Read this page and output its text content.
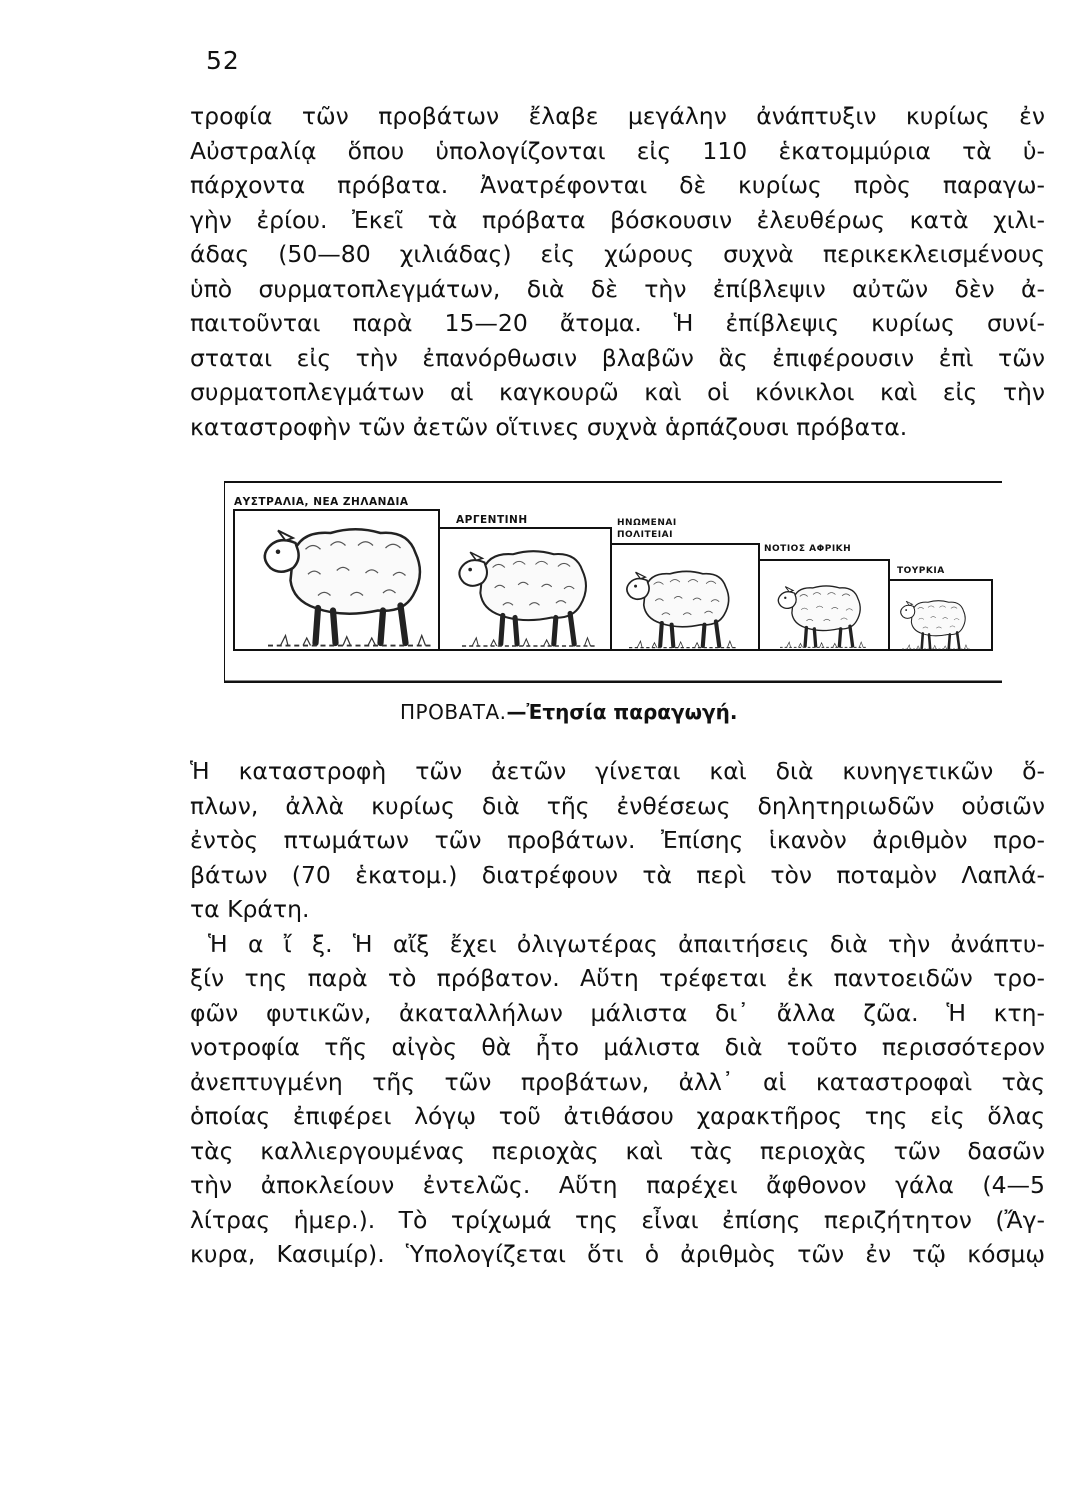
52
τροφία τῶν προβάτων ἔλαβε μεγάλην ἀνάπτυξιν κυρίως ἐν
Αὐστραλίᾳ ὅπου ὑπολογίζονται εἰς 110 ἑκατομμύρια τὰ ὑ-
πάρχοντα πρόβατα. Ἀνατρέφονται δὲ κυρίως πρὸς παραγω-
γὴν ἐρίου. Ἐκεῖ τὰ πρόβατα βόσκουσιν ἐλευθέρως κατὰ χιλι-
άδας (50—80 χιλιάδας) εἰς χώρους συχνὰ περικεκλεισμένους
ὑπὸ συρματοπλεγμάτων, διὰ δὲ τὴν ἐπίβλεψιν αὐτῶν δὲν ἀ-
παιτοῦνται παρὰ 15—20 ἄτομα. Ἡ ἐπίβλεψις κυρίως συνί-
σταται εἰς τὴν ἐπανόρθωσιν βλαβῶν ἃς ἐπιφέρουσιν ἐπὶ τῶν
συρματοπλεγμάτων αἱ καγκουρῶ καὶ οἱ κόνικλοι καὶ εἰς τὴν
καταστροφὴν τῶν ἀετῶν οἵτινες συχνὰ ἁρπάζουσι πρόβατα.
ΑΥΣΤΡΑΛΙΑ, ΝΕΑ ΖΗΛΑΝΔΙΑ
ΑΡΓΕΝΤΙΝΗ	ΗΝΩΜΕΝΑΙ
ΠΟΛΙΤΕΙΑΙ
ΝΟΤΙΟΣ ΑΦΡΙΚΗ
ΤΟΥΡΚΙΑ
ΠΡΟΒΑΤΑ.—Ἐτησία παραγωγή.
Ἡ καταστροφὴ τῶν ἀετῶν γίνεται καὶ διὰ κυνηγετικῶν ὅ-
πλων, ἀλλὰ κυρίως διὰ τῆς ἐνθέσεως δηλητηριωδῶν οὐσιῶν
ἐντὸς πτωμάτων τῶν προβάτων. Ἐπίσης ἱκανὸν ἀριθμὸν προ-
βάτων (70 ἑκατομ.) διατρέφουν τὰ περὶ τὸν ποταμὸν Λαπλά-
τα Κράτη.
Ἡ α ἴ ξ. Ἡ αἴξ ἔχει ὀλιγωτέρας ἀπαιτήσεις διὰ τὴν ἀνάπτυ-
ξίν της παρὰ τὸ πρόβατον. Αὕτη τρέφεται ἐκ παντοειδῶν τρο-
φῶν φυτικῶν, ἀκαταλλήλων μάλιστα δι᾽ ἄλλα ζῶα. Ἡ κτη-
νοτροφία τῆς αἰγὸς θὰ ἦτο μάλιστα διὰ τοῦτο περισσότερον
ἀνεπτυγμένη τῆς τῶν προβάτων, ἀλλ᾽ αἱ καταστροφαὶ τὰς
ὁποίας ἐπιφέρει λόγῳ τοῦ ἀτιθάσου χαρακτῆρος της εἰς ὅλας
τὰς καλλιεργουμένας περιοχὰς καὶ τὰς περιοχὰς τῶν δασῶν
τὴν ἀποκλείουν ἐντελῶς. Αὕτη παρέχει ἄφθονον γάλα (4—5
λίτρας ἡμερ.). Τὸ τρίχωμά της εἶναι ἐπίσης περιζήτητον (Ἄγ-
κυρα, Κασιμίρ). Ὑπολογίζεται ὅτι ὁ ἀριθμὸς τῶν ἐν τῷ κόσμῳ
